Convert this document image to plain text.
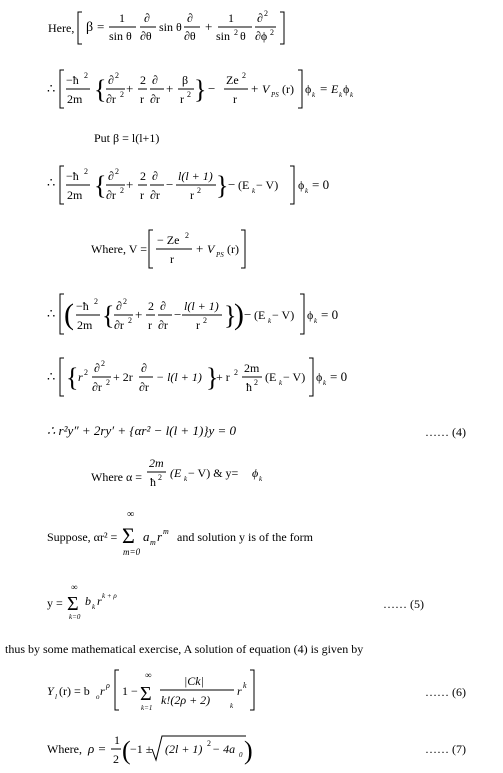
Here, β =
1
sin θ
∂
∂θ
sin θ
∂
∂θ
+
1
sin 2 θ
∂ 2
∂ϕ 2
∴
−ħ 2
2m { ∂ 2
∂r 2 +
2
r
∂
∂r
+
β
r 2 } −
Ze 2
r
+ V PS (r) ϕ k = E k ϕ k
Put β = l(l+1)
∴ −ħ 2
2m { ∂ 2
∂r 2 +
2
r
∂
∂r
−
l(l + 1)
r 2 } − (E k − V) ϕ k = 0
Where, V =
− Ze 2
r
+ V PS (r)
∴ ( −ħ 2
2m { ∂ 2
∂r 2 +
2
r
∂
∂r
−
l(l + 1)
r 2 }
) − (E k − V) ϕ k = 0
∴ { r 2 ∂ 2
∂r 2 + 2r
∂
∂r
− l(l + 1) }
+ r 2 2m
ħ 2 (E k − V) ϕ k = 0
∴ r²y″ + 2ry′ + {αr² − l(l + 1)}y = 0	…… (4)
Where α =
2m
ħ 2 (E k − V) & y= ϕ k
Suppose, αr² =
∞
Σ
m=0
a m r m and solution y is of the form
y =
∞
Σ
k=0
b k r k + ρ
…… (5)
thus by some mathematical exercise, A solution of equation (4) is given by
Y l (r) = b o r ρ 1 −
∞
Σ
k=1
|Ck|
k!(2ρ + 2)	k
r k	…… (6)
Where, ρ =
1
2 ( −1 ± (2l + 1) 2 − 4a 0 )	…… (7)
